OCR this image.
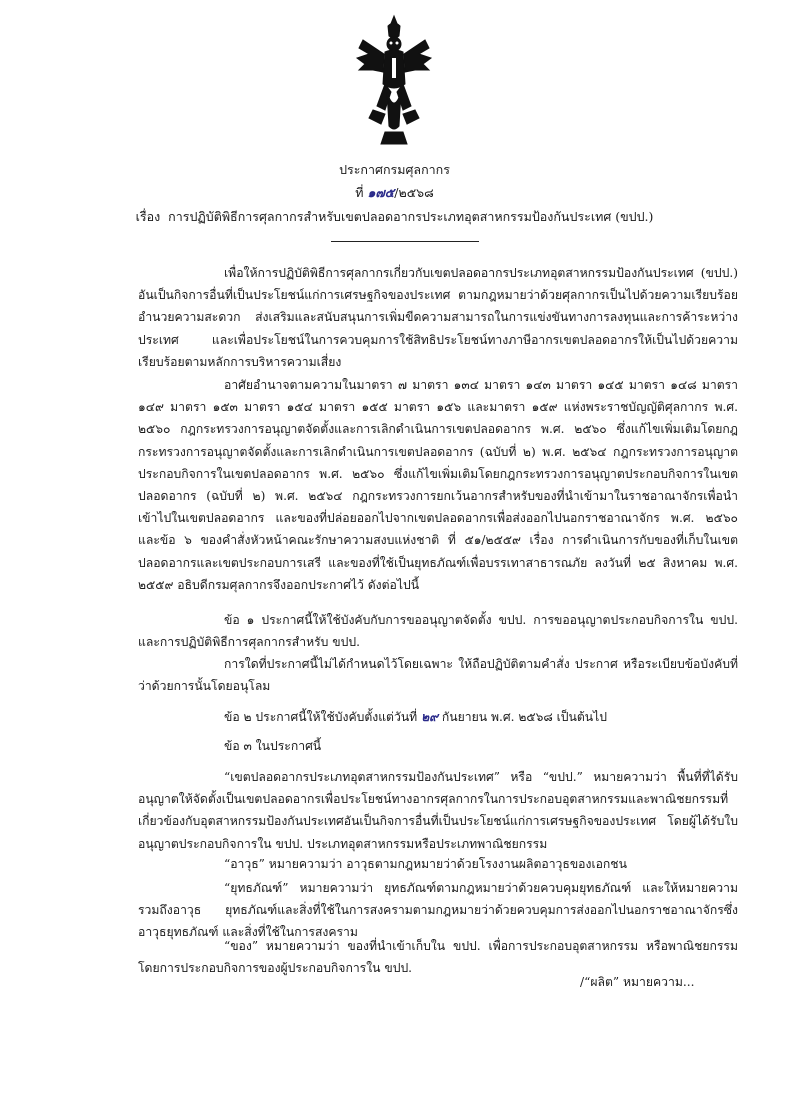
ประกาศกรมศุลกากร
ที่ ๑๗๕/๒๕๖๘
เรื่อง การปฏิบัติพิธีการศุลกากรสำหรับเขตปลอดอากรประเภทอุตสาหกรรมป้องกันประเทศ (ขปป.)
เพื่อให้การปฏิบัติพิธีการศุลกากรเกี่ยวกับเขตปลอดอากรประเภทอุตสาหกรรมป้องกันประเทศ (ขปป.) อันเป็นกิจการอื่นที่เป็นประโยชน์แก่การเศรษฐกิจของประเทศ ตามกฎหมายว่าด้วยศุลกากรเป็นไปด้วยความเรียบร้อย อำนวยความสะดวก ส่งเสริมและสนับสนุนการเพิ่มขีดความสามารถในการแข่งขันทางการลงทุนและการค้าระหว่างประเทศ และเพื่อประโยชน์ในการควบคุมการใช้สิทธิประโยชน์ทางภาษีอากรเขตปลอดอากรให้เป็นไปด้วยความเรียบร้อยตามหลักการบริหารความเสี่ยง
อาศัยอำนาจตามความในมาตรา ๗ มาตรา ๑๓๔ มาตรา ๑๔๓ มาตรา ๑๔๕ มาตรา ๑๔๘ มาตรา ๑๔๙ มาตรา ๑๕๓ มาตรา ๑๕๔ มาตรา ๑๕๕ มาตรา ๑๕๖ และมาตรา ๑๕๙ แห่งพระราชบัญญัติศุลกากร พ.ศ. ๒๕๖๐ กฎกระทรวงการอนุญาตจัดตั้งและการเลิกดำเนินการเขตปลอดอากร พ.ศ. ๒๕๖๐ ซึ่งแก้ไขเพิ่มเติมโดยกฎกระทรวงการอนุญาตจัดตั้งและการเลิกดำเนินการเขตปลอดอากร (ฉบับที่ ๒) พ.ศ. ๒๕๖๔ กฎกระทรวงการอนุญาตประกอบกิจการในเขตปลอดอากร พ.ศ. ๒๕๖๐ ซึ่งแก้ไขเพิ่มเติมโดยกฎกระทรวงการอนุญาตประกอบกิจการในเขตปลอดอากร (ฉบับที่ ๒) พ.ศ. ๒๕๖๔ กฎกระทรวงการยกเว้นอากรสำหรับของที่นำเข้ามาในราชอาณาจักรเพื่อนำเข้าไปในเขตปลอดอากร และของที่ปล่อยออกไปจากเขตปลอดอากรเพื่อส่งออกไปนอกราชอาณาจักร พ.ศ. ๒๕๖๐ และข้อ ๖ ของคำสั่งหัวหน้าคณะรักษาความสงบแห่งชาติ ที่ ๕๑/๒๕๕๙ เรื่อง การดำเนินการกับของที่เก็บในเขตปลอดอากรและเขตประกอบการเสรี และของที่ใช้เป็นยุทธภัณฑ์เพื่อบรรเทาสาธารณภัย ลงวันที่ ๒๕ สิงหาคม พ.ศ. ๒๕๕๙ อธิบดีกรมศุลกากรจึงออกประกาศไว้ ดังต่อไปนี้
ข้อ ๑ ประกาศนี้ให้ใช้บังคับกับการขออนุญาตจัดตั้ง ขปป. การขออนุญาตประกอบกิจการใน ขปป. และการปฏิบัติพิธีการศุลกากรสำหรับ ขปป.
การใดที่ประกาศนี้ไม่ได้กำหนดไว้โดยเฉพาะ ให้ถือปฏิบัติตามคำสั่ง ประกาศ หรือระเบียบข้อบังคับที่ว่าด้วยการนั้นโดยอนุโลม
ข้อ ๒ ประกาศนี้ให้ใช้บังคับตั้งแต่วันที่ ๒๙ กันยายน พ.ศ. ๒๕๖๘ เป็นต้นไป
ข้อ ๓ ในประกาศนี้
“เขตปลอดอากรประเภทอุตสาหกรรมป้องกันประเทศ” หรือ “ขปป.” หมายความว่า พื้นที่ที่ได้รับอนุญาตให้จัดตั้งเป็นเขตปลอดอากรเพื่อประโยชน์ทางอากรศุลกากรในการประกอบอุตสาหกรรมและพาณิชยกรรมที่เกี่ยวข้องกับอุตสาหกรรมป้องกันประเทศอันเป็นกิจการอื่นที่เป็นประโยชน์แก่การเศรษฐกิจของประเทศ โดยผู้ได้รับใบอนุญาตประกอบกิจการใน ขปป. ประเภทอุตสาหกรรมหรือประเภทพาณิชยกรรม
“อาวุธ” หมายความว่า อาวุธตามกฎหมายว่าด้วยโรงงานผลิตอาวุธของเอกชน
“ยุทธภัณฑ์” หมายความว่า ยุทธภัณฑ์ตามกฎหมายว่าด้วยควบคุมยุทธภัณฑ์ และให้หมายความรวมถึงอาวุธ ยุทธภัณฑ์และสิ่งที่ใช้ในการสงครามตามกฎหมายว่าด้วยควบคุมการส่งออกไปนอกราชอาณาจักรซึ่งอาวุธยุทธภัณฑ์ และสิ่งที่ใช้ในการสงคราม
“ของ” หมายความว่า ของที่นำเข้าเก็บใน ขปป. เพื่อการประกอบอุตสาหกรรม หรือพาณิชยกรรม โดยการประกอบกิจการของผู้ประกอบกิจการใน ขปป.
/“ผลิต” หมายความ...
